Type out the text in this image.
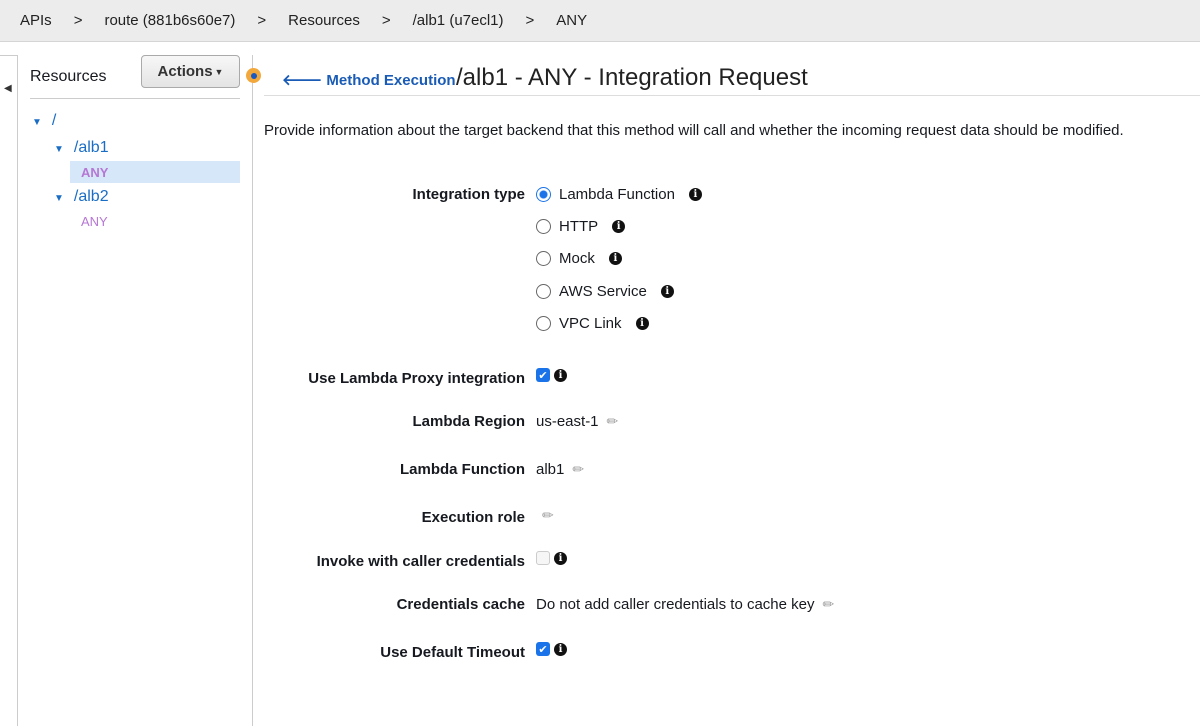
APIs > route (881b6s60e7) > Resources > /alb1 (u7ecl1) > ANY
◀
Resources	Actions ▼
▼ /
▼ /alb1
ANY
▼ /alb2
ANY
🡐 Method Execution /alb1 - ANY - Integration Request
Provide information about the target backend that this method will call and whether the incoming request data should be modified.
Integration type Lambda Function	i
HTTP	i
Mock	i
AWS Service	i
VPC Link	i
Use Lambda Proxy integration ✔	i
Lambda Region us-east-1 ✏
Lambda Function alb1 ✏
Execution role ✏
Invoke with caller credentials	i
Credentials cache Do not add caller credentials to cache key ✏
Use Default Timeout ✔	i
